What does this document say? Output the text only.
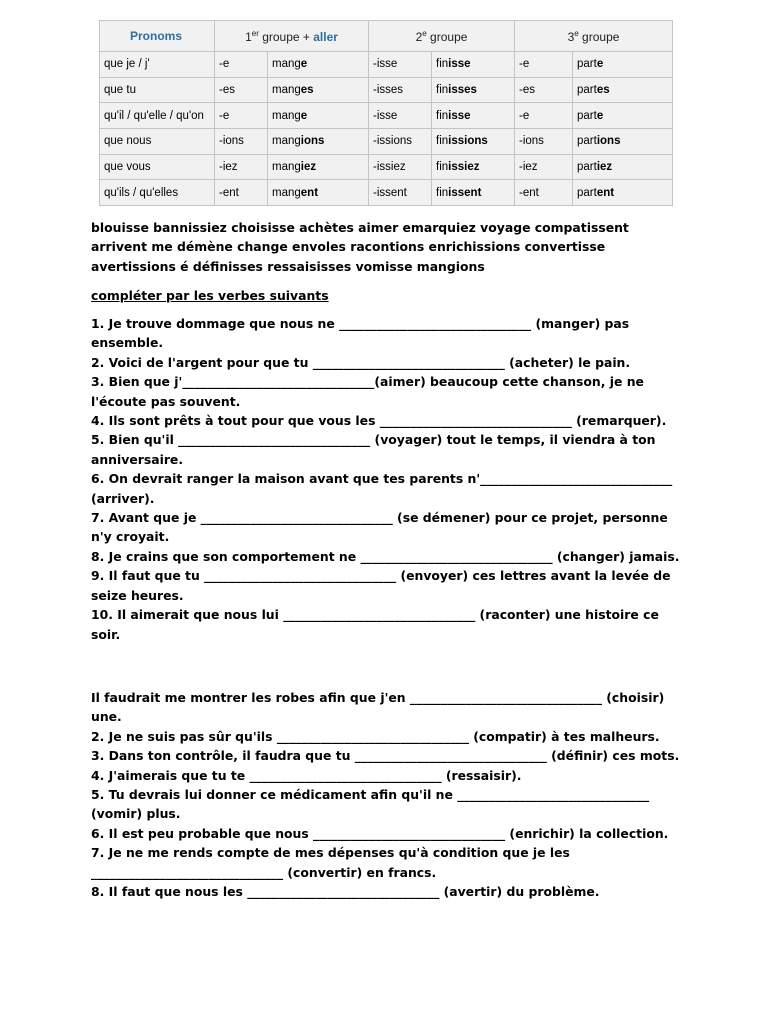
Pronoms	1er groupe + aller		2e groupe		3e groupe	
que je / j'	-e	mange	-isse	finisse	-e	parte
que tu	-es	manges	-isses	finisses	-es	partes
qu'il / qu'elle / qu'on	-e	mange	-isse	finisse	-e	parte
que nous	-ions	mangions	-issions	finissions	-ions	partions
que vous	-iez	mangiez	-issiez	finissiez	-iez	partiez
qu'ils / qu'elles	-ent	mangent	-issent	finissent	-ent	partent

blouisse bannissiez choisisse achètes aimer emarquiez voyage compatissent arrivent me démène change envoles racontions enrichissions convertisse avertissions é définisses ressaisisses vomisse mangions

compléter par les verbes suivants

1. Je trouve dommage que nous ne _______________________________ (manger) pas ensemble.
2. Voici de l'argent pour que tu _______________________________ (acheter) le pain.
3. Bien que j'_______________________________(aimer) beaucoup cette chanson, je ne l'écoute pas souvent.
4. Ils sont prêts à tout pour que vous les _______________________________ (remarquer).
5. Bien qu'il _______________________________ (voyager) tout le temps, il viendra à ton anniversaire.
6. On devrait ranger la maison avant que tes parents n'_______________________________ (arriver).
7. Avant que je _______________________________ (se démener) pour ce projet, personne n'y croyait.
8. Je crains que son comportement ne _______________________________ (changer) jamais.
9. Il faut que tu _______________________________ (envoyer) ces lettres avant la levée de seize heures.
10. Il aimerait que nous lui _______________________________ (raconter) une histoire ce soir.
Il faudrait me montrer les robes afin que j'en _______________________________ (choisir) une.
2. Je ne suis pas sûr qu'ils _______________________________ (compatir) à tes malheurs.
3. Dans ton contrôle, il faudra que tu _______________________________ (définir) ces mots.
4. J'aimerais que tu te _______________________________ (ressaisir).
5. Tu devrais lui donner ce médicament afin qu'il ne _______________________________ (vomir) plus.
6. Il est peu probable que nous _______________________________ (enrichir) la collection.
7. Je ne me rends compte de mes dépenses qu'à condition que je les _______________________________ (convertir) en francs.
8. Il faut que nous les _______________________________ (avertir) du problème.
